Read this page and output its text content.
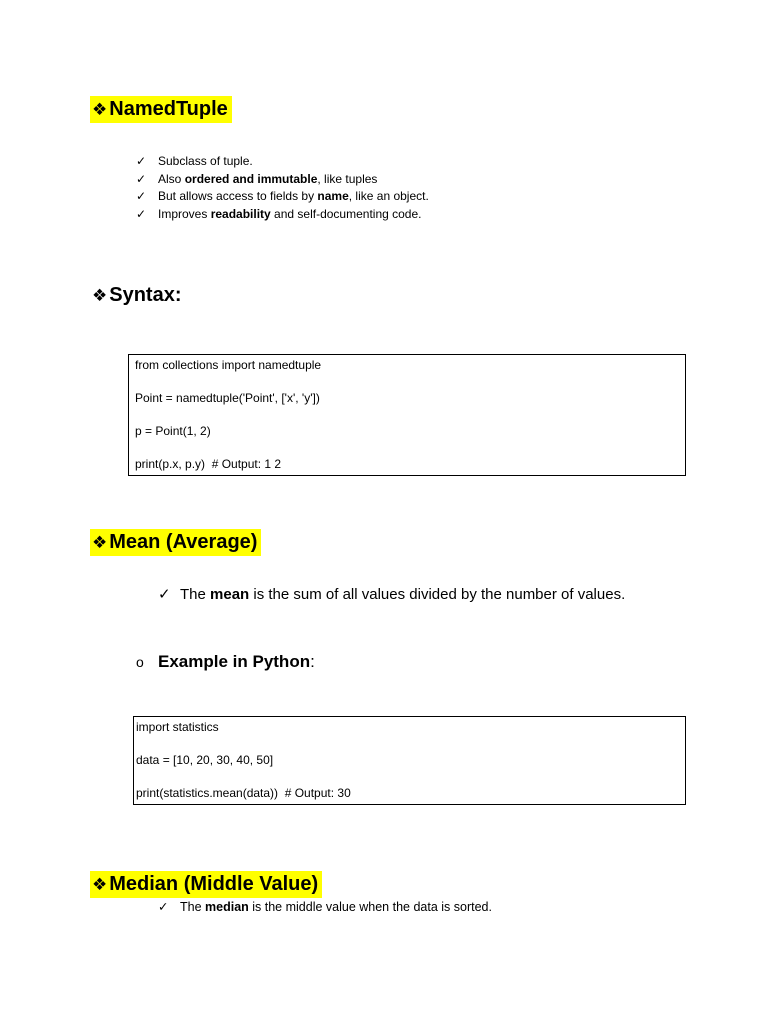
❖ NamedTuple
✓ Subclass of tuple.
✓ Also ordered and immutable, like tuples
✓ But allows access to fields by name, like an object.
✓ Improves readability and self-documenting code.
❖ Syntax:
from collections import namedtuple
Point = namedtuple('Point', ['x', 'y'])
p = Point(1, 2)
print(p.x, p.y)  # Output: 1 2
❖ Mean (Average)
✓ The mean is the sum of all values divided by the number of values.
o Example in Python:
import statistics
data = [10, 20, 30, 40, 50]
print(statistics.mean(data))  # Output: 30
❖ Median (Middle Value)
✓ The median is the middle value when the data is sorted.
